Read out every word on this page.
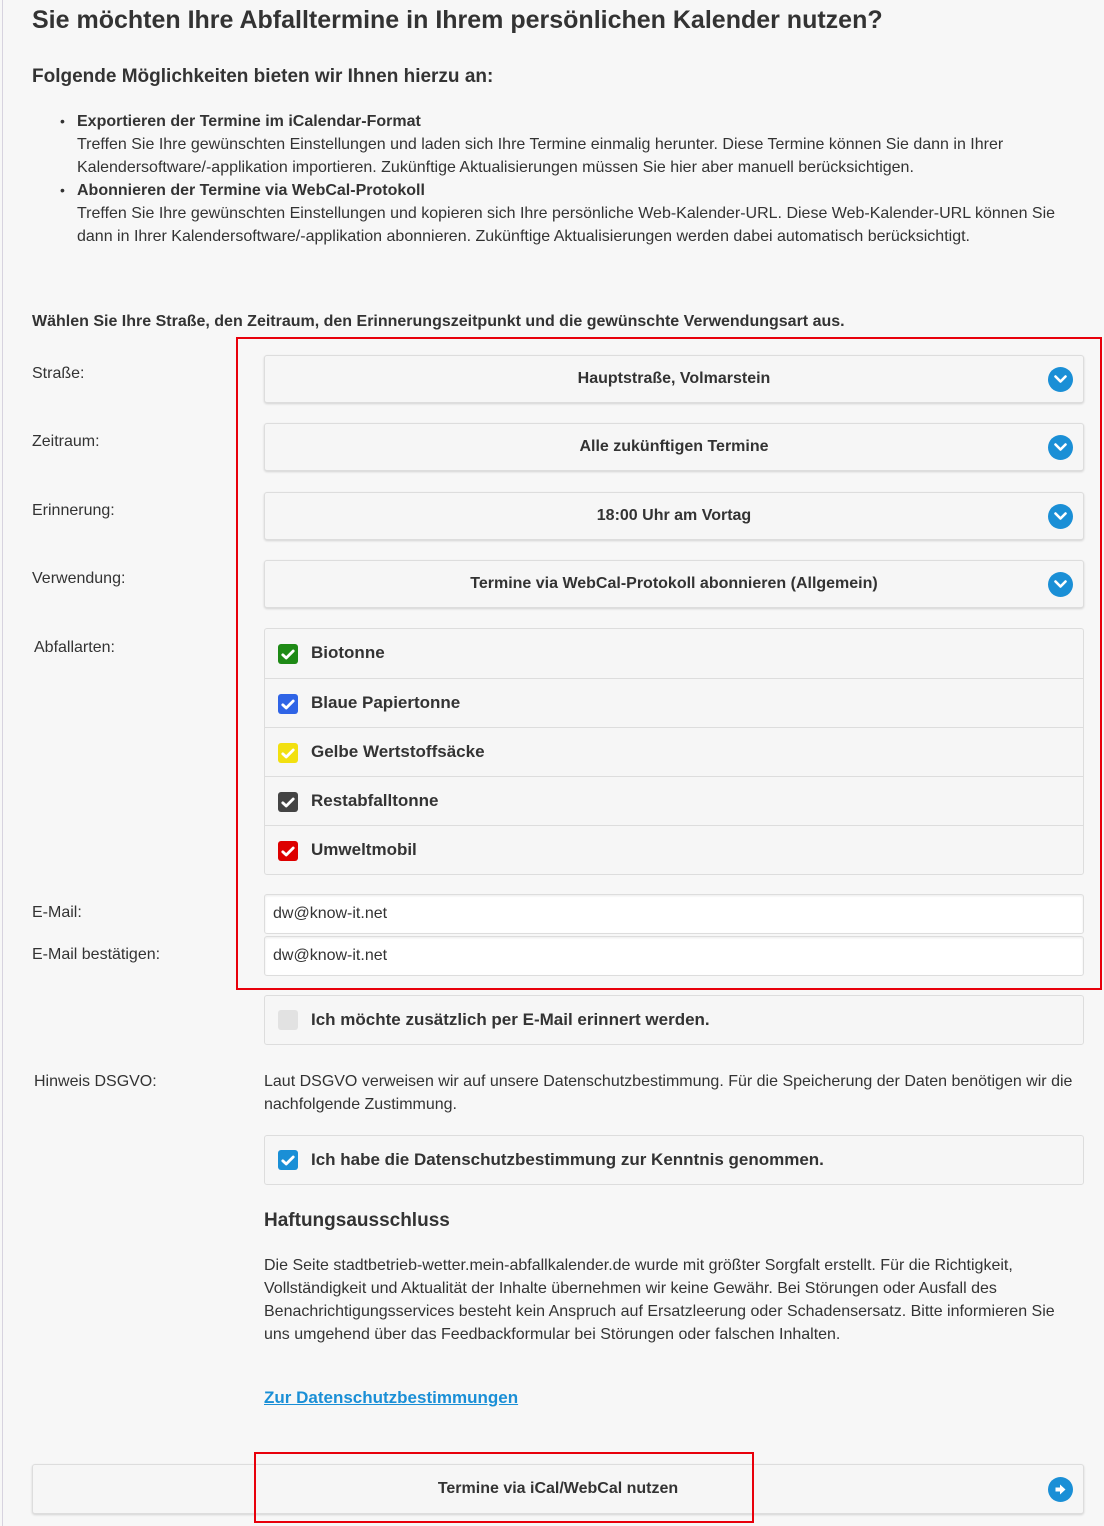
Sie möchten Ihre Abfalltermine in Ihrem persönlichen Kalender nutzen?
Folgende Möglichkeiten bieten wir Ihnen hierzu an:
• Exportieren der Termine im iCalendar-Format
Treffen Sie Ihre gewünschten Einstellungen und laden sich Ihre Termine einmalig herunter. Diese Termine können Sie dann in Ihrer Kalendersoftware/-applikation importieren. Zukünftige Aktualisierungen müssen Sie hier aber manuell berücksichtigen.
• Abonnieren der Termine via WebCal-Protokoll
Treffen Sie Ihre gewünschten Einstellungen und kopieren sich Ihre persönliche Web-Kalender-URL. Diese Web-Kalender-URL können Sie dann in Ihrer Kalendersoftware/-applikation abonnieren. Zukünftige Aktualisierungen werden dabei automatisch berücksichtigt.
Wählen Sie Ihre Straße, den Zeitraum, den Erinnerungszeitpunkt und die gewünschte Verwendungsart aus.
Straße:	Hauptstraße, Volmarstein
Zeitraum:	Alle zukünftigen Termine
Erinnerung:	18:00 Uhr am Vortag
Verwendung:	Termine via WebCal-Protokoll abonnieren (Allgemein)
Abfallarten:	Biotonne
Blaue Papiertonne
Gelbe Wertstoffsäcke
Restabfalltonne
Umweltmobil
E-Mail:
dw@know-it.net
E-Mail bestätigen:
dw@know-it.net
Ich möchte zusätzlich per E-Mail erinnert werden.
Hinweis DSGVO:	Laut DSGVO verweisen wir auf unsere Datenschutzbestimmung. Für die Speicherung der Daten benötigen wir die nachfolgende Zustimmung.
Ich habe die Datenschutzbestimmung zur Kenntnis genommen.
Haftungsausschluss
Die Seite stadtbetrieb-wetter.mein-abfallkalender.de wurde mit größter Sorgfalt erstellt. Für die Richtigkeit, Vollständigkeit und Aktualität der Inhalte übernehmen wir keine Gewähr. Bei Störungen oder Ausfall des Benachrichtigungsservices besteht kein Anspruch auf Ersatzleerung oder Schadensersatz. Bitte informieren Sie uns umgehend über das Feedbackformular bei Störungen oder falschen Inhalten.
Zur Datenschutzbestimmungen
Termine via iCal/WebCal nutzen
